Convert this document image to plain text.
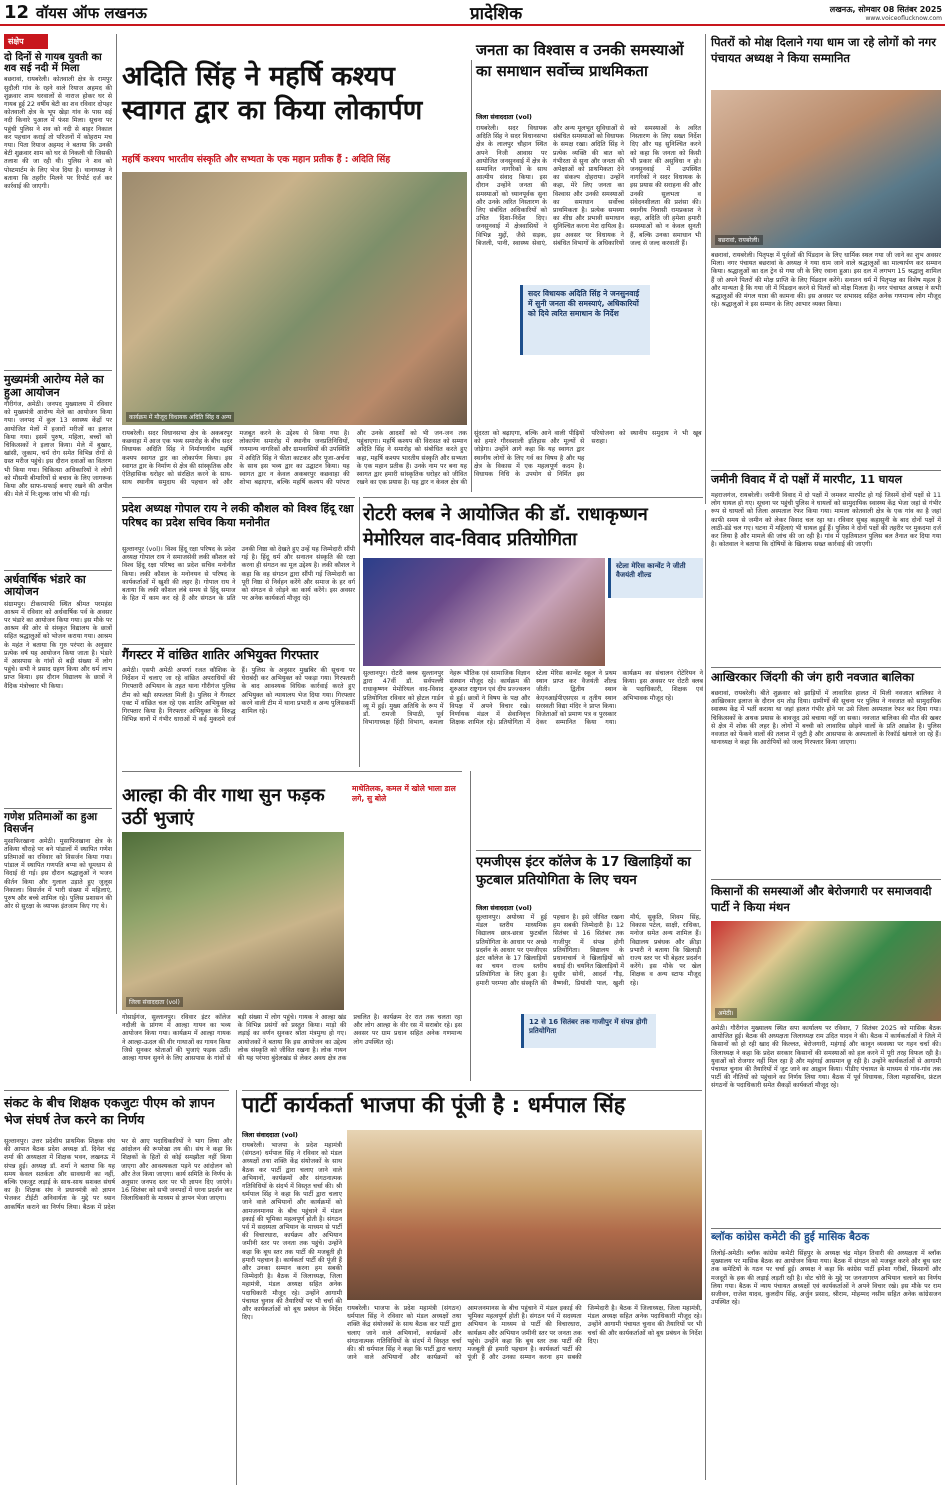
12 वॉयस ऑफ लखनऊ	प्रादेशिक	लखनऊ, सोमवार 08 सितंबर 2025
www.voiceoflucknow.com
संक्षेप
दो दिनों से गायब युवती का शव सई नदी में मिला
बछरावां, रायबरेली। कोतवाली क्षेत्र के रामपुर सुदौली गांव के रहने वाले रियाज अहमद की शुक्रवार शाम घरवालों से नाराज होकर घर से गायब हुई 22 वर्षीय बेटी का शव रविवार दोपहर कोतवाली क्षेत्र के भूप खेड़ा गांव के पास सई नदी किनारे पुआल में फंसा मिला। सूचना पर पहुंची पुलिस ने शव को नदी से बाहर निकाल कर पहचान कराई तो परिजनों में कोहराम मच गया। पिता रियाज अहमद ने बताया कि उनकी बेटी शुक्रवार शाम को घर से निकली थी जिसकी तलाश की जा रही थी। पुलिस ने शव को पोस्टमार्टम के लिए भेज दिया है। थानाध्यक्ष ने बताया कि तहरीर मिलने पर रिपोर्ट दर्ज कर कार्रवाई की जाएगी।
मुख्यमंत्री आरोग्य मेले का हुआ आयोजन
गौरीगंज, अमेठी। जनपद मुख्यालय में रविवार को मुख्यमंत्री आरोग्य मेले का आयोजन किया गया। जनपद में कुल 13 स्वास्थ्य केंद्रों पर आयोजित मेलों में हजारों मरीजों का इलाज किया गया। इसमें पुरुष, महिला, बच्चों को चिकित्सकों ने इलाज किया। मेले में बुखार, खांसी, जुकाम, चर्म रोग समेत विभिन्न रोगों से ग्रस्त मरीज पहुंचे। इस दौरान दवाओं का वितरण भी किया गया। चिकित्सा अधिकारियों ने लोगों को मौसमी बीमारियों से बचाव के लिए जागरूक किया और साफ-सफाई बनाए रखने की अपील की। मेले में नि:शुल्क जांच भी की गई।
अर्धवार्षिक भंडारे का आयोजन
संग्रामपुर। टीकरमाफी स्थित श्रीमत परमहंस आश्रम में रविवार को अर्धवार्षिक पर्व के अवसर पर भंडारे का आयोजन किया गया। इस मौके पर आश्रम की ओर से संस्कृत विद्यालय के छात्रों सहित श्रद्धालुओं को भोजन कराया गया। आश्रम के महंत ने बताया कि गुरु परंपरा के अनुसार प्रत्येक वर्ष यह आयोजन किया जाता है। भंडारे में आसपास के गांवों से बड़ी संख्या में लोग पहुंचे। सभी ने प्रसाद ग्रहण किया और धर्म लाभ प्राप्त किया। इस दौरान विद्यालय के छात्रों ने वैदिक मंत्रोच्चार भी किया।
गणेश प्रतिमाओं का हुआ विसर्जन
मुसाफिरखाना अमेठी। मुसाफिरखाना क्षेत्र के तकिया चौराहे पर बने पांडालों में स्थापित गणेश प्रतिमाओं का रविवार को विसर्जन किया गया। पांडाल में स्थापित गणपति बप्पा को धूमधाम से विदाई दी गई। इस दौरान श्रद्धालुओं ने भजन कीर्तन किया और गुलाल उड़ाते हुए जुलूस निकाला। विसर्जन में भारी संख्या में महिलाएं, पुरुष और बच्चे शामिल रहे। पुलिस प्रशासन की ओर से सुरक्षा के व्यापक इंतजाम किए गए थे।
अदिति सिंह ने महर्षि कश्यप स्वागत द्वार का किया लोकार्पण
महर्षि कश्यप भारतीय संस्कृति और सभ्यता के एक महान प्रतीक हैं : अदिति सिंह
कार्यक्रम में मौजूद विधायक अदिति सिंह व अन्य
रायबरेली। सदर विधानसभा क्षेत्र के अकबरपुर कछवाहा में आज एक भव्य समारोह के बीच सदर विधायक अदिति सिंह ने निर्माणाधीन महर्षि कश्यप स्वागत द्वार का लोकार्पण किया। इस स्वागत द्वार के निर्माण से क्षेत्र की सांस्कृतिक और ऐतिहासिक धरोहर को संरक्षित करने के साथ-साथ स्थानीय समुदाय की पहचान को और मजबूत करने के उद्देश्य से किया गया है। लोकार्पण समारोह में स्थानीय जनप्रतिनिधियों, गणमान्य नागरिकों और ग्रामवासियों की उपस्थिति में अदिति सिंह ने फीता काटकर और पूजा-अर्चना के साथ इस भव्य द्वार का उद्घाटन किया। यह स्वागत द्वार न केवल अकबरपुर कछवाहा की शोभा बढ़ाएगा, बल्कि महर्षि कश्यप की परंपरा और उनके आदर्शों को भी जन-जन तक पहुंचाएगा। महर्षि कश्यप की विरासत को सम्मान अदिति सिंह ने समारोह को संबोधित करते हुए कहा, महर्षि कश्यप भारतीय संस्कृति और सभ्यता के एक महान प्रतीक हैं। उनके नाम पर बना यह स्वागत द्वार हमारी सांस्कृतिक धरोहर को जीवित रखने का एक प्रयास है। यह द्वार न केवल क्षेत्र की सुंदरता को बढ़ाएगा, बल्कि आने वाली पीढ़ियों को हमारे गौरवशाली इतिहास और मूल्यों से जोड़ेगा। उन्होंने आगे कहा कि यह स्वागत द्वार स्थानीय लोगों के लिए गर्व का विषय है और यह क्षेत्र के विकास में एक महत्वपूर्ण कदम है। विधायक निधि के उपयोग से निर्मित इस परियोजना को स्थानीय समुदाय ने भी खूब सराहा।
जनता का विश्वास व उनकी समस्याओं का समाधान सर्वोच्च प्राथमिकता
जिला संवाददाता (vol)
रायबरेली। सदर विधायक अदिति सिंह ने सदर विधानसभा क्षेत्र के लालपुर चौहान स्थित अपने निजी आवास पर आयोजित जनसुनवाई में क्षेत्र के सम्मानित नागरिकों के साथ आत्मीय संवाद किया। इस दौरान उन्होंने जनता की समस्याओं को ध्यानपूर्वक सुना और उनके त्वरित निस्तारण के लिए संबंधित अधिकारियों को उचित दिशा-निर्देश दिए। जनसुनवाई में क्षेत्रवासियों ने विभिन्न मुद्दों, जैसे सड़क, बिजली, पानी, स्वास्थ्य सेवाएं, और अन्य मूलभूत सुविधाओं से संबंधित समस्याओं को विधायक के समक्ष रखा। अदिति सिंह ने प्रत्येक व्यक्ति की बात को गंभीरता से सुना और जनता की अपेक्षाओं को प्राथमिकता देने का संकल्प दोहराया। उन्होंने कहा, मेरे लिए जनता का विश्वास और उनकी समस्याओं का समाधान सर्वोच्च प्राथमिकता है। प्रत्येक समस्या का शीघ्र और प्रभावी समाधान सुनिश्चित करना मेरा दायित्व है। इस अवसर पर विधायक ने संबंधित विभागों के अधिकारियों को समस्याओं के त्वरित निस्तारण के लिए सख्त निर्देश दिए और यह सुनिश्चित करने को कहा कि जनता को किसी भी प्रकार की असुविधा न हो। जनसुनवाई में उपस्थित नागरिकों ने सदर विधायक के इस प्रयास की सराहना की और उनकी सुलभता व संवेदनशीलता की प्रशंसा की। स्थानीय निवासी रामप्रकाश ने कहा, अदिति जी हमेशा हमारी समस्याओं को न केवल सुनती हैं, बल्कि उनका समाधान भी जल्द से जल्द करवाती हैं।
सदर विधायक अदिति सिंह ने जनसुनवाई में सुनी जनता की समस्याएं, अधिकारियों को दिये त्वरित समाधान के निर्देश
प्रदेश अध्यक्ष गोपाल राय ने लकी कौशल को विश्व हिंदू रक्षा परिषद का प्रदेश सचिव किया मनोनीत
सुल्तानपुर (vol)। विश्व हिंदू रक्षा परिषद के प्रदेश अध्यक्ष गोपाल राय ने समाजसेवी लकी कौशल को विश्व हिंदू रक्षा परिषद का प्रदेश सचिव मनोनीत किया। लकी कौशल के मनोनयन से परिषद के कार्यकर्ताओं में खुशी की लहर है। गोपाल राय ने बताया कि लकी कौशल लंबे समय से हिंदू समाज के हित में काम कर रहे हैं और संगठन के प्रति उनकी निष्ठा को देखते हुए उन्हें यह जिम्मेदारी सौंपी गई है। हिंदू धर्म और सनातन संस्कृति की रक्षा करना ही संगठन का मूल उद्देश्य है। लकी कौशल ने कहा कि वह संगठन द्वारा सौंपी गई जिम्मेदारी का पूरी निष्ठा से निर्वहन करेंगे और समाज के हर वर्ग को संगठन से जोड़ने का कार्य करेंगे। इस अवसर पर अनेक कार्यकर्ता मौजूद रहे।
गैंगस्टर में वांछित शातिर अभियुक्त गिरफ्तार
अमेठी। एसपी अमेठी अपर्णा रजत कौशिक के निर्देशन में चलाए जा रहे वांछित अपराधियों की गिरफ्तारी अभियान के तहत थाना गौरीगंज पुलिस टीम को बड़ी सफलता मिली है। पुलिस ने गैंगस्टर एक्ट में वांछित चल रहे एक शातिर अभियुक्त को गिरफ्तार किया है। गिरफ्तार अभियुक्त के विरुद्ध विभिन्न थानों में गंभीर धाराओं में कई मुकदमे दर्ज हैं। पुलिस के अनुसार मुखबिर की सूचना पर घेराबंदी कर अभियुक्त को पकड़ा गया। गिरफ्तारी के बाद आवश्यक विधिक कार्रवाई करते हुए अभियुक्त को न्यायालय भेज दिया गया। गिरफ्तार करने वाली टीम में थाना प्रभारी व अन्य पुलिसकर्मी शामिल रहे।
रोटरी क्लब ने आयोजित की डॉ. राधाकृष्णन मेमोरियल वाद-विवाद प्रतियोगिता
स्टेला मेरिस कान्वेंट ने जीती वैजयंती शील्ड
सुल्तानपुर। रोटरी क्लब सुल्तानपुर द्वारा 47वीं डॉ. सर्वपल्ली राधाकृष्णन मेमोरियल वाद-विवाद प्रतियोगिता रविवार को होटल गार्डन व्यू में हुई। मुख्य अतिथि के रूप में डॉ. रामजी त्रिपाठी, पूर्व विभागाध्यक्ष हिंदी विभाग, कमला नेहरू भौतिक एवं सामाजिक विज्ञान संस्थान मौजूद रहे। कार्यक्रम की शुरुआत राष्ट्रगान एवं दीप प्रज्ज्वलन से हुई। छात्रों ने विषय के पक्ष और विपक्ष में अपने विचार रखे। निर्णायक मंडल में सेवानिवृत्त शिक्षक शामिल रहे। प्रतियोगिता में स्टेला मेरिस कान्वेंट स्कूल ने प्रथम स्थान प्राप्त कर वैजयंती शील्ड जीती। द्वितीय स्थान केएनआईपीएसएस व तृतीय स्थान सरस्वती विद्या मंदिर ने प्राप्त किया। विजेताओं को प्रमाण पत्र व पुरस्कार देकर सम्मानित किया गया। कार्यक्रम का संचालन रोटेरियन ने किया। इस अवसर पर रोटरी क्लब के पदाधिकारी, शिक्षक एवं अभिभावक मौजूद रहे।
आल्हा की वीर गाथा सुन फड़क उठीं भुजाएं
माथेतिलक, कमल में खोले भाला डाल लगे, सु बोले
जिला संवाददाता (vol)
गोसाईगंज, सुल्तानपुर। रविवार इंटर कॉलेज नदौली के प्रांगण में आल्हा गायन का भव्य आयोजन किया गया। कार्यक्रम में आल्हा गायक ने आल्हा-ऊदल की वीर गाथाओं का गायन किया जिसे सुनकर श्रोताओं की भुजाएं फड़क उठीं। आल्हा गायन सुनने के लिए आसपास के गांवों से बड़ी संख्या में लोग पहुंचे। गायक ने आल्हा खंड के विभिन्न प्रसंगों को प्रस्तुत किया। माड़ो की लड़ाई का वर्णन सुनकर श्रोता मंत्रमुग्ध हो गए। आयोजकों ने बताया कि इस आयोजन का उद्देश्य लोक संस्कृति को जीवित रखना है। लोक गायन की यह परंपरा बुंदेलखंड से लेकर अवध क्षेत्र तक प्रचलित है। कार्यक्रम देर रात तक चलता रहा और लोग आल्हा के वीर रस में सराबोर रहे। इस अवसर पर ग्राम प्रधान सहित अनेक गणमान्य लोग उपस्थित रहे।
एमजीएस इंटर कॉलेज के 17 खिलाड़ियों का फुटबाल प्रतियोगिता के लिए चयन
जिला संवाददाता (vol)
सुल्तानपुर। अयोध्या में हुई मंडल स्तरीय माध्यमिक विद्यालय छात्र-छात्रा फुटबॉल प्रतियोगिता के आधार पर अच्छे प्रदर्शन के आधार पर एमजीएस इंटर कॉलेज के 17 खिलाड़ियों का चयन राज्य स्तरीय प्रतियोगिता के लिए हुआ है। हमारी परम्परा और संस्कृति की पहचान है। इसे जीवित रखना हम सबकी जिम्मेदारी है। 12 सितंबर से 16 सितंबर तक गाजीपुर में संपन्न होगी प्रतियोगिता। विद्यालय के प्रधानाचार्य ने खिलाड़ियों को बधाई दी। चयनित खिलाड़ियों में सुधीर सोनी, आदर्श गौड़, वैष्णवी, प्रियांशी पाल, खुशी मौर्य, सुकृति, शिवम सिंह, विकास पटेल, साक्षी, राधिका, मनोज समेत अन्य शामिल हैं। विद्यालय प्रबंधक और क्रीड़ा प्रभारी ने बताया कि खिलाड़ी राज्य स्तर पर भी बेहतर प्रदर्शन करेंगे। इस मौके पर खेल शिक्षक व अन्य स्टाफ मौजूद रहे।
12 से 16 सितंबर तक गाजीपुर में संपन्न होगी प्रतियोगिता
संकट के बीच शिक्षक एकजुटः पीएम को ज्ञापन भेज संघर्ष तेज करने का निर्णय
सुल्तानपुर। उत्तर प्रदेशीय प्राथमिक शिक्षक संघ की आपात बैठक प्रदेश अध्यक्ष डॉ. दिनेश चंद्र शर्मा की अध्यक्षता में शिक्षक भवन, लखनऊ में संपन्न हुई। अध्यक्ष डॉ. शर्मा ने बताया कि यह समय केवल सतर्कता और सावधानी का नहीं, बल्कि एकजुट लड़ाई के साथ-साथ सशक्त संघर्ष का है। शिक्षक संघ ने प्रधानमंत्री को ज्ञापन भेजकर टीईटी अनिवार्यता के मुद्दे पर ध्यान आकर्षित कराने का निर्णय लिया। बैठक में प्रदेश भर से आए पदाधिकारियों ने भाग लिया और आंदोलन की रूपरेखा तय की। संघ ने कहा कि शिक्षकों के हितों से कोई समझौता नहीं किया जाएगा और आवश्यकता पड़ने पर आंदोलन को और तेज किया जाएगा। कार्य समिति के निर्णय के अनुसार जनपद स्तर पर भी ज्ञापन दिए जाएंगे। 16 सितंबर को सभी जनपदों में धरना प्रदर्शन कर जिलाधिकारी के माध्यम से ज्ञापन भेजा जाएगा।
पार्टी कार्यकर्ता भाजपा की पूंजी है : धर्मपाल सिंह
जिला संवाददाता (vol)
रायबरेली। भाजपा के प्रदेश महामंत्री (संगठन) धर्मपाल सिंह ने रविवार को मंडल अध्यक्षों तथा शक्ति केंद्र संयोजकों के साथ बैठक कर पार्टी द्वारा चलाए जाने वाले अभियानों, कार्यक्रमों और संगठनात्मक गतिविधियों के संदर्भ में विस्तृत चर्चा की। श्री धर्मपाल सिंह ने कहा कि पार्टी द्वारा चलाए जाने वाले अभियानों और कार्यक्रमों को आमजनमानस के बीच पहुंचाने में मंडल इकाई की भूमिका महत्वपूर्ण होती है। संगठन पर्व में सदस्यता अभियान के माध्यम से पार्टी की विचारधारा, कार्यक्रम और अभियान जमीनी स्तर पर जनता तक पहुंचे। उन्होंने कहा कि बूथ स्तर तक पार्टी की मजबूती ही हमारी पहचान है। कार्यकर्ता पार्टी की पूंजी हैं और उनका सम्मान करना हम सबकी जिम्मेदारी है। बैठक में जिलाध्यक्ष, जिला महामंत्री, मंडल अध्यक्ष सहित अनेक पदाधिकारी मौजूद रहे। उन्होंने आगामी पंचायत चुनाव की तैयारियों पर भी चर्चा की और कार्यकर्ताओं को बूथ प्रबंधन के निर्देश दिए।
रायबरेली। भाजपा के प्रदेश महामंत्री (संगठन) धर्मपाल सिंह ने रविवार को मंडल अध्यक्षों तथा शक्ति केंद्र संयोजकों के साथ बैठक कर पार्टी द्वारा चलाए जाने वाले अभियानों, कार्यक्रमों और संगठनात्मक गतिविधियों के संदर्भ में विस्तृत चर्चा की। श्री धर्मपाल सिंह ने कहा कि पार्टी द्वारा चलाए जाने वाले अभियानों और कार्यक्रमों को आमजनमानस के बीच पहुंचाने में मंडल इकाई की भूमिका महत्वपूर्ण होती है। संगठन पर्व में सदस्यता अभियान के माध्यम से पार्टी की विचारधारा, कार्यक्रम और अभियान जमीनी स्तर पर जनता तक पहुंचे। उन्होंने कहा कि बूथ स्तर तक पार्टी की मजबूती ही हमारी पहचान है। कार्यकर्ता पार्टी की पूंजी हैं और उनका सम्मान करना हम सबकी जिम्मेदारी है। बैठक में जिलाध्यक्ष, जिला महामंत्री, मंडल अध्यक्ष सहित अनेक पदाधिकारी मौजूद रहे। उन्होंने आगामी पंचायत चुनाव की तैयारियों पर भी चर्चा की और कार्यकर्ताओं को बूथ प्रबंधन के निर्देश दिए।
पितरों को मोक्ष दिलाने गया धाम जा रहे लोगों को नगर पंचायत अध्यक्ष ने किया सम्मानित
बछरावां, रायबरेली।
बछरावां, रायबरेली। पितृपक्ष में पूर्वजों की पिंडदान के लिए धार्मिक स्थल गया जी जाने का शुभ अवसर मिला। नगर पंचायत बछरावां के अध्यक्ष ने गया धाम जाने वाले श्रद्धालुओं का माल्यार्पण कर सम्मान किया। श्रद्धालुओं का दल ट्रेन से गया जी के लिए रवाना हुआ। इस दल में लगभग 15 श्रद्धालु शामिल हैं जो अपने पितरों की मोक्ष प्राप्ति के लिए पिंडदान करेंगे। सनातन धर्म में पितृपक्ष का विशेष महत्व है और मान्यता है कि गया जी में पिंडदान करने से पितरों को मोक्ष मिलता है। नगर पंचायत अध्यक्ष ने सभी श्रद्धालुओं की मंगल यात्रा की कामना की। इस अवसर पर सभासद सहित अनेक गणमान्य लोग मौजूद रहे। श्रद्धालुओं ने इस सम्मान के लिए आभार व्यक्त किया।
जमीनी विवाद में दो पक्षों में मारपीट, 11 घायल
महराजगंज, रायबरेली। जमीनी विवाद में दो पक्षों में जमकर मारपीट हो गई जिसमें दोनों पक्षों से 11 लोग घायल हो गए। सूचना पर पहुंची पुलिस ने घायलों को सामुदायिक स्वास्थ्य केंद्र भेजा जहां से गंभीर रूप से घायलों को जिला अस्पताल रेफर किया गया। मामला कोतवाली क्षेत्र के एक गांव का है जहां काफी समय से जमीन को लेकर विवाद चल रहा था। रविवार सुबह कहासुनी के बाद दोनों पक्षों में लाठी-डंडे चल गए। घटना में महिलाएं भी घायल हुई हैं। पुलिस ने दोनों पक्षों की तहरीर पर मुकदमा दर्ज कर लिया है और मामले की जांच की जा रही है। गांव में एहतियातन पुलिस बल तैनात कर दिया गया है। कोतवाल ने बताया कि दोषियों के खिलाफ सख्त कार्रवाई की जाएगी।
आखिरकार जिंदगी की जंग हारी नवजात बालिका
बछरावां, रायबरेली। बीते शुक्रवार को झाड़ियों में लावारिस हालत में मिली नवजात बालिका ने आखिरकार इलाज के दौरान दम तोड़ दिया। ग्रामीणों की सूचना पर पुलिस ने नवजात को सामुदायिक स्वास्थ्य केंद्र में भर्ती कराया था जहां हालत गंभीर होने पर उसे जिला अस्पताल रेफर कर दिया गया। चिकित्सकों के अथक प्रयास के बावजूद उसे बचाया नहीं जा सका। नवजात बालिका की मौत की खबर से क्षेत्र में शोक की लहर है। लोगों में बच्ची को लावारिस छोड़ने वालों के प्रति आक्रोश है। पुलिस नवजात को फेंकने वालों की तलाश में जुटी है और आसपास के अस्पतालों के रिकॉर्ड खंगाले जा रहे हैं। थानाध्यक्ष ने कहा कि आरोपियों को जल्द गिरफ्तार किया जाएगा।
किसानों की समस्याओं और बेरोजगारी पर समाजवादी पार्टी ने किया मंथन
अमेठी।
अमेठी। गौरीगंज मुख्यालय स्थित सपा कार्यालय पर रविवार, 7 सितंबर 2025 को मासिक बैठक आयोजित हुई। बैठक की अध्यक्षता जिलाध्यक्ष राम उदित यादव ने की। बैठक में कार्यकर्ताओं ने जिले में किसानों को हो रही खाद की किल्लत, बेरोजगारी, महंगाई और कानून व्यवस्था पर गहन चर्चा की। जिलाध्यक्ष ने कहा कि प्रदेश सरकार किसानों की समस्याओं को हल करने में पूरी तरह विफल रही है। युवाओं को रोजगार नहीं मिल रहा है और महंगाई आसमान छू रही है। उन्होंने कार्यकर्ताओं से आगामी पंचायत चुनाव की तैयारियों में जुट जाने का आह्वान किया। पीडीए पंचायत के माध्यम से गांव-गांव तक पार्टी की नीतियों को पहुंचाने का निर्णय लिया गया। बैठक में पूर्व विधायक, जिला महासचिव, फ्रंटल संगठनों के पदाधिकारी समेत सैकड़ों कार्यकर्ता मौजूद रहे।
ब्लॉक कांग्रेस कमेटी की हुई मासिक बैठक
तिलोई-अमेठी। ब्लॉक कांग्रेस कमेटी सिंहपुर के अध्यक्ष चंद्र मोहन तिवारी की अध्यक्षता में ब्लॉक मुख्यालय पर मासिक बैठक का आयोजन किया गया। बैठक में संगठन को मजबूत करने और बूथ स्तर तक कमेटियों के गठन पर चर्चा हुई। अध्यक्ष ने कहा कि कांग्रेस पार्टी हमेशा गरीबों, किसानों और मजदूरों के हक की लड़ाई लड़ती रही है। वोट चोरी के मुद्दे पर जनजागरण अभियान चलाने का निर्णय लिया गया। बैठक में न्याय पंचायत अध्यक्षों एवं कार्यकर्ताओं ने अपने विचार रखे। इस मौके पर राम सजीवन, राजेश यादव, कुलदीप सिंह, अर्जुन प्रसाद, श्रीराम, मोहम्मद नसीम सहित अनेक कांग्रेसजन उपस्थित रहे।
